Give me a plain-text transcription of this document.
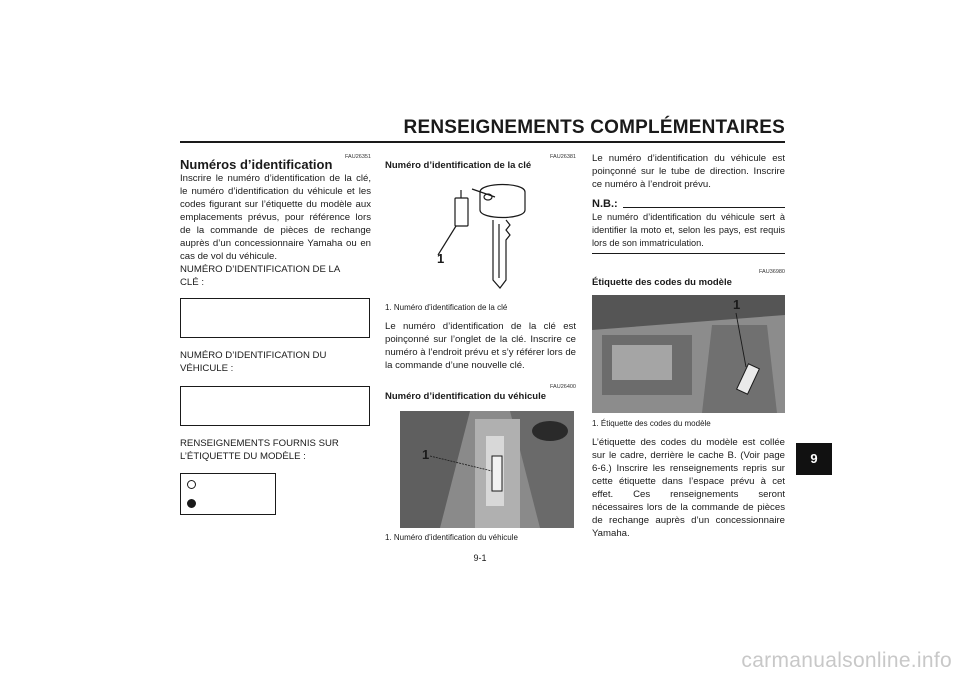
RENSEIGNEMENTS COMPLÉMENTAIRES
FAU26351
Numéros d’identification
Inscrire le numéro d’identification de la clé, le numéro d’identification du véhicule et les codes figurant sur l’étiquette du modèle aux emplacements prévus, pour référence lors de la commande de pièces de rechange auprès d’un concessionnaire Yamaha ou en cas de vol du véhicule.
NUMÉRO D’IDENTIFICATION DE LA CLÉ :
NUMÉRO D’IDENTIFICATION DU VÉHICULE :
RENSEIGNEMENTS FOURNIS SUR L’ÉTIQUETTE DU MODÈLE :
FAU26381
Numéro d’identification de la clé
1
1. Numéro d’identification de la clé
Le numéro d’identification de la clé est poinçonné sur l’onglet de la clé. Inscrire ce numéro à l’endroit prévu et s’y référer lors de la commande d’une nouvelle clé.
FAU26400
Numéro d’identification du véhicule
1
1. Numéro d’identification du véhicule
Le numéro d’identification du véhicule est poinçonné sur le tube de direction. Inscrire ce numéro à l’endroit prévu.
N.B.:
Le numéro d’identification du véhicule sert à identifier la moto et, selon les pays, est requis lors de son immatriculation.
FAU36980
Étiquette des codes du modèle
1
1. Étiquette des codes du modèle
L’étiquette des codes du modèle est collée sur le cadre, derrière le cache B. (Voir page 6-6.) Inscrire les renseignements repris sur cette étiquette dans l’espace prévu à cet effet. Ces renseignements seront nécessaires lors de la commande de pièces de rechange auprès d’un concessionnaire Yamaha.
9
9-1
carmanualsonline.info
